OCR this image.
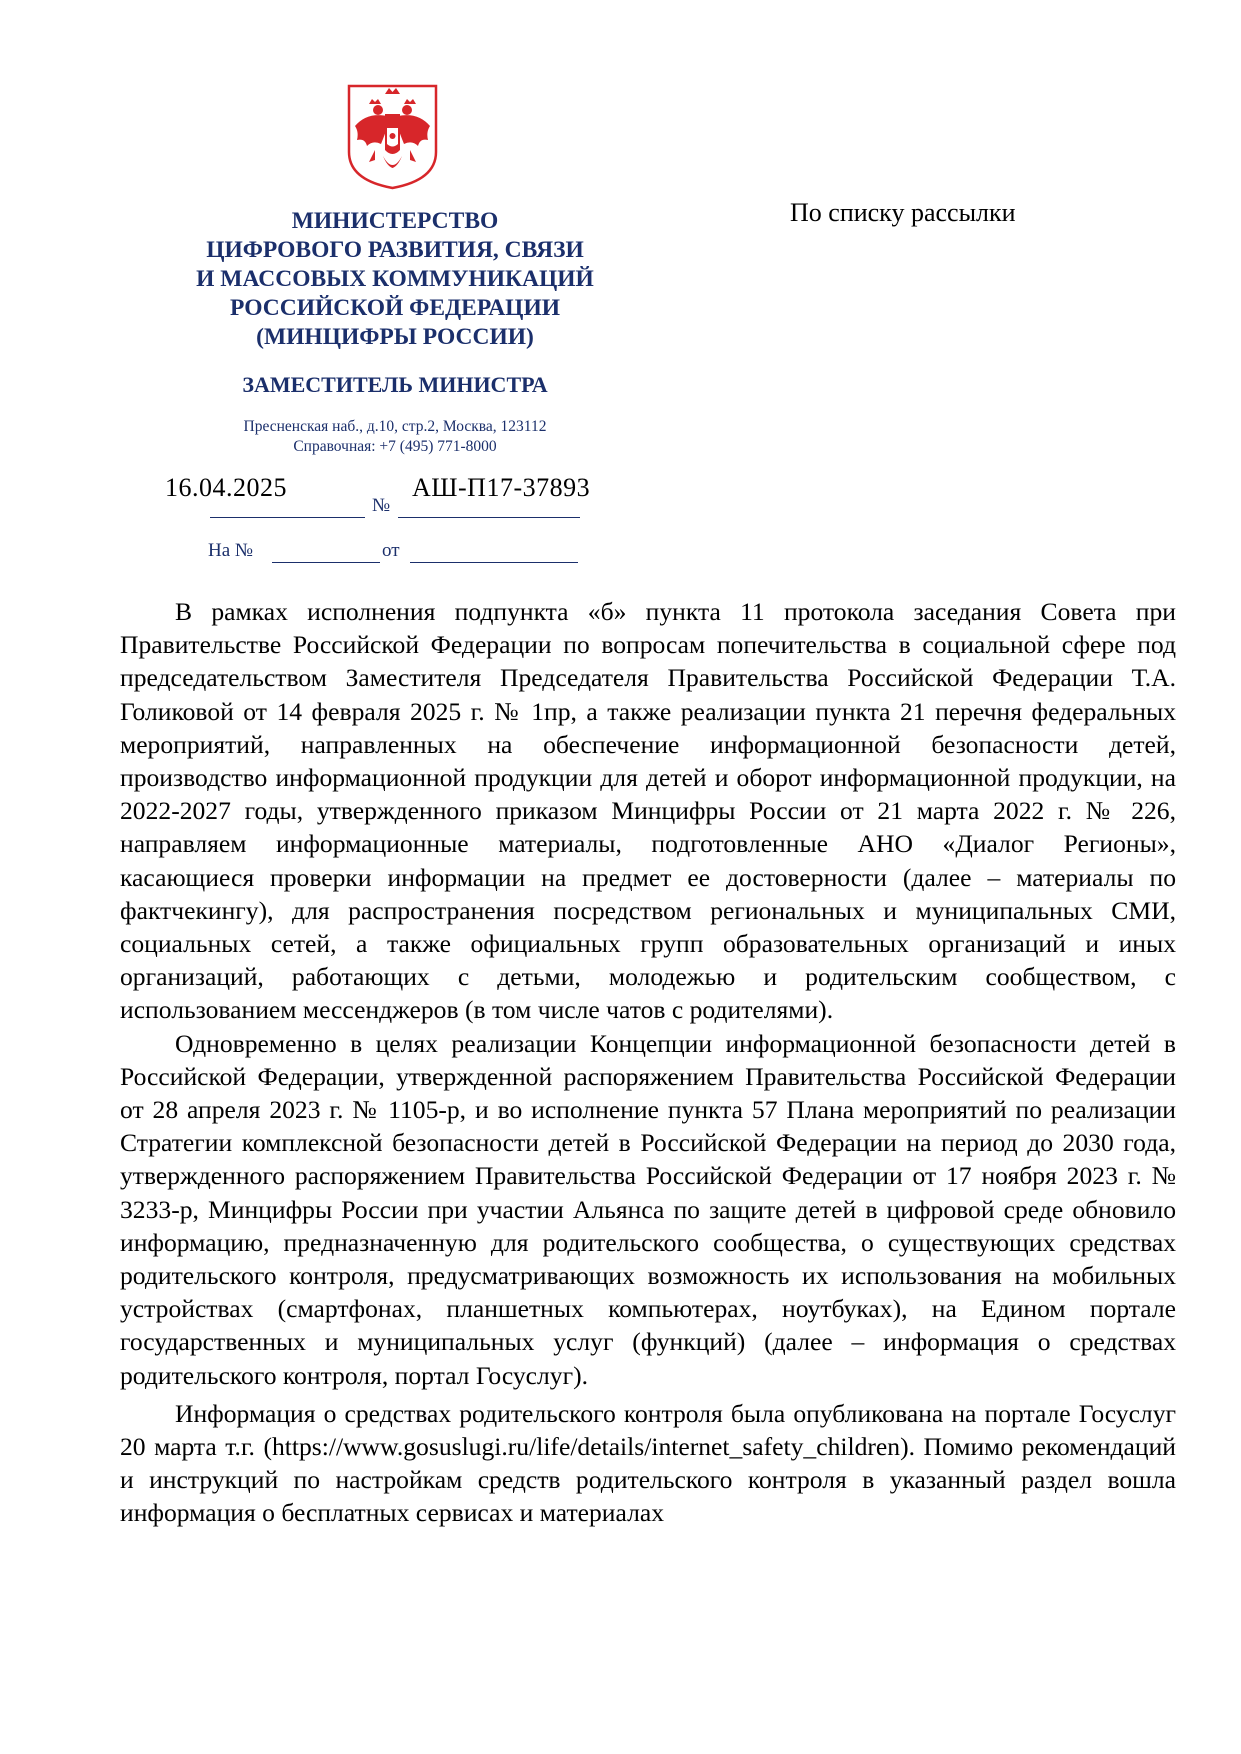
МИНИСТЕРСТВО
ЦИФРОВОГО РАЗВИТИЯ, СВЯЗИ
И МАССОВЫХ КОММУНИКАЦИЙ
РОССИЙСКОЙ ФЕДЕРАЦИИ
(МИНЦИФРЫ РОССИИ)
ЗАМЕСТИТЕЛЬ МИНИСТРА
Пресненская наб., д.10, стр.2, Москва, 123112
Справочная: +7 (495) 771-8000
По списку рассылки
16.04.2025
№
АШ-П17-37893
На №	от

В рамках исполнения подпункта «б» пункта 11 протокола заседания Совета при Правительстве Российской Федерации по вопросам попечительства в социальной сфере под председательством Заместителя Председателя Правительства Российской Федерации Т.А. Голиковой от 14 февраля 2025 г. № 1пр, а также реализации пункта 21 перечня федеральных мероприятий, направленных на обеспечение информационной безопасности детей, производство информационной продукции для детей и оборот информационной продукции, на 2022-2027 годы, утвержденного приказом Минцифры России от 21 марта 2022 г. № 226, направляем информационные материалы, подготовленные АНО «Диалог Регионы», касающиеся проверки информации на предмет ее достоверности (далее – материалы по фактчекингу), для распространения посредством региональных и муниципальных СМИ, социальных сетей, а также официальных групп образовательных организаций и иных организаций, работающих с детьми, молодежью и родительским сообществом, с использованием мессенджеров (в том числе чатов с родителями).

Одновременно в целях реализации Концепции информационной безопасности детей в Российской Федерации, утвержденной распоряжением Правительства Российской Федерации от 28 апреля 2023 г. № 1105-р, и во исполнение пункта 57 Плана мероприятий по реализации Стратегии комплексной безопасности детей в Российской Федерации на период до 2030 года, утвержденного распоряжением Правительства Российской Федерации от 17 ноября 2023 г. № 3233-р, Минцифры России при участии Альянса по защите детей в цифровой среде обновило информацию, предназначенную для родительского сообщества, о существующих средствах родительского контроля, предусматривающих возможность их использования на мобильных устройствах (смартфонах, планшетных компьютерах, ноутбуках), на Едином портале государственных и муниципальных услуг (функций) (далее – информация о средствах родительского контроля, портал Госуслуг).

Информация о средствах родительского контроля была опубликована на портале Госуслуг 20 марта т.г. (https://www.gosuslugi.ru/life/details/internet_safety_children). Помимо рекомендаций и инструкций по настройкам средств родительского контроля в указанный раздел вошла информация о бесплатных сервисах и материалах
